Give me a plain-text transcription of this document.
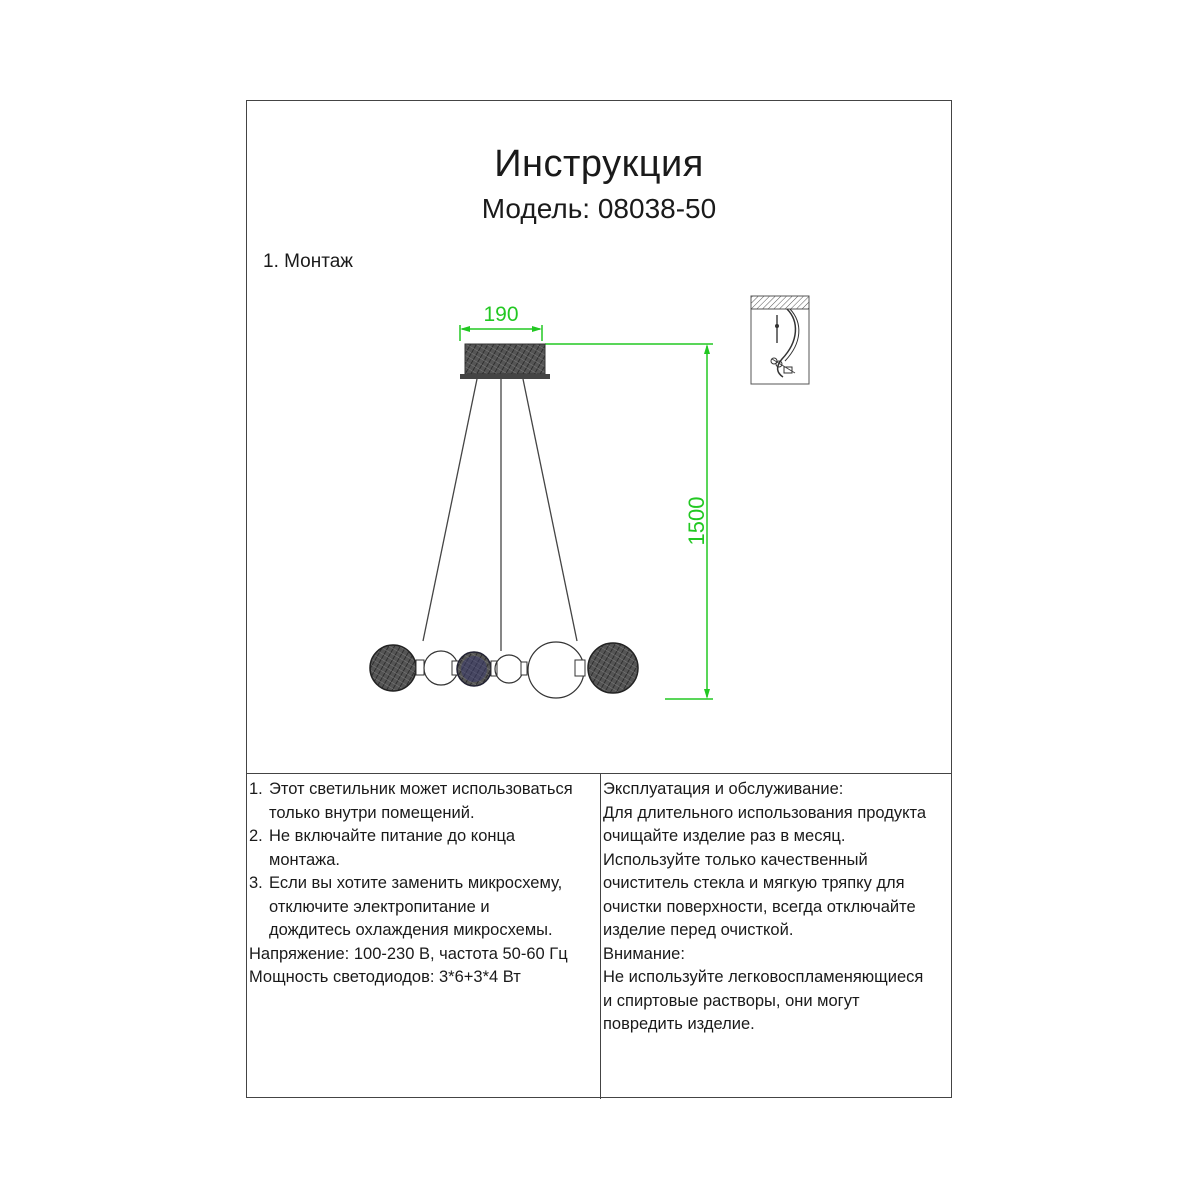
Инструкция
Модель: 08038-50
1. Монтаж
190
1500
1. Этот светильник может использоваться
только внутри помещений.
2. Не включайте питание до конца
монтажа.
3. Если вы хотите заменить микросхему,
отключите электропитание и
дождитесь охлаждения микросхемы.
Напряжение: 100-230 В, частота 50-60 Гц
Мощность светодиодов: 3*6+3*4 Вт
Эксплуатация и обслуживание:
Для длительного использования продукта
очищайте изделие раз в месяц.
Используйте только качественный
очиститель стекла и мягкую тряпку для
очистки поверхности, всегда отключайте
изделие перед очисткой.
Внимание:
Не используйте легковоспламеняющиеся
и спиртовые растворы, они могут
повредить изделие.
